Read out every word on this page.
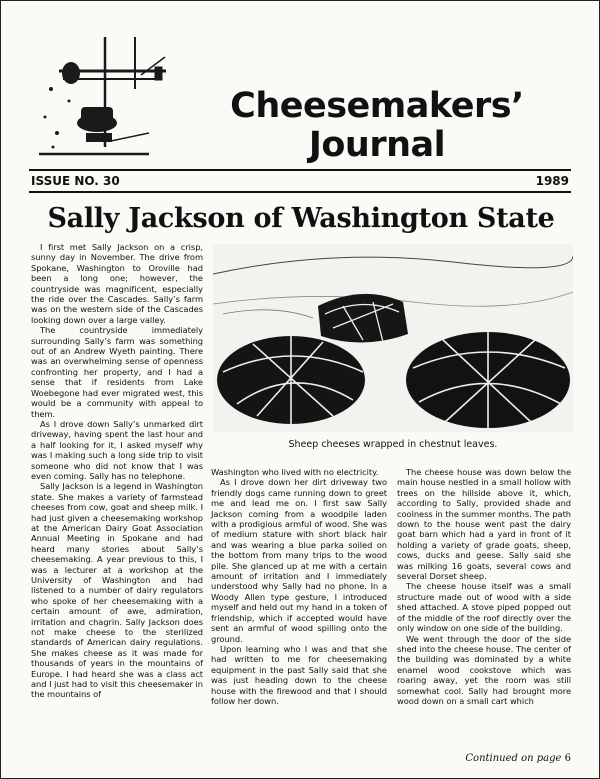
Cheesemakers’
Journal
ISSUE NO. 30	1989
Sally Jackson of Washington State
Sheep cheeses wrapped in chestnut leaves.

I first met Sally Jackson on a crisp, sunny day in November. The drive from Spokane, Washington to Oroville had been a long one; however, the countryside was magnificent, especially the ride over the Cascades. Sally’s farm was on the western side of the Cascades looking down over a large valley.

The countryside immediately surrounding Sally’s farm was something out of an Andrew Wyeth painting. There was an overwhelming sense of openness confronting her property, and I had a sense that if residents from Lake Woebegone had ever migrated west, this would be a community with appeal to them.

As I drove down Sally’s unmarked dirt driveway, having spent the last hour and a half looking for it, I asked myself why was I making such a long side trip to visit someone who did not know that I was even coming. Sally has no telephone.

Sally Jackson is a legend in Washington state. She makes a variety of farmstead cheeses from cow, goat and sheep milk. I had just given a cheesemaking workshop at the American Dairy Goat Association Annual Meeting in Spokane and had heard many stories about Sally’s cheesemaking. A year previous to this, I was a lecturer at a workshop at the University of Washington and had listened to a number of dairy regulators who spoke of her cheesemaking with a certain amount of awe, admiration, irritation and chagrin. Sally Jackson does not make cheese to the sterilized standards of American dairy regulations. She makes cheese as it was made for thousands of years in the mountains of Europe. I had heard she was a class act and I just had to visit this cheesemaker in the mountains of

Washington who lived with no electricity.

As I drove down her dirt driveway two friendly dogs came running down to greet me and lead me on. I first saw Sally Jackson coming from a woodpile laden with a prodigious armful of wood. She was of medium stature with short black hair and was wearing a blue parka soiled on the bottom from many trips to the wood pile. She glanced up at me with a certain amount of irritation and I immediately understood why Sally had no phone. In a Woody Allen type gesture, I introduced myself and held out my hand in a token of friendship, which if accepted would have sent an armful of wood spilling onto the ground.

Upon learning who I was and that she had written to me for cheesemaking equipment in the past Sally said that she was just heading down to the cheese house with the firewood and that I should follow her down.

The cheese house was down below the main house nestled in a small hollow with trees on the hillside above it, which, according to Sally, provided shade and coolness in the summer months. The path down to the house went past the dairy goat barn which had a yard in front of it holding a variety of grade goats, sheep, cows, ducks and geese. Sally said she was milking 16 goats, several cows and several Dorset sheep.

The cheese house itself was a small structure made out of wood with a side shed attached. A stove piped popped out of the middle of the roof directly over the only window on one side of the building.

We went through the door of the side shed into the cheese house. The center of the building was dominated by a white enamel wood cookstove which was roaring away, yet the room was still somewhat cool. Sally had brought more wood down on a small cart which

Continued on page 6
